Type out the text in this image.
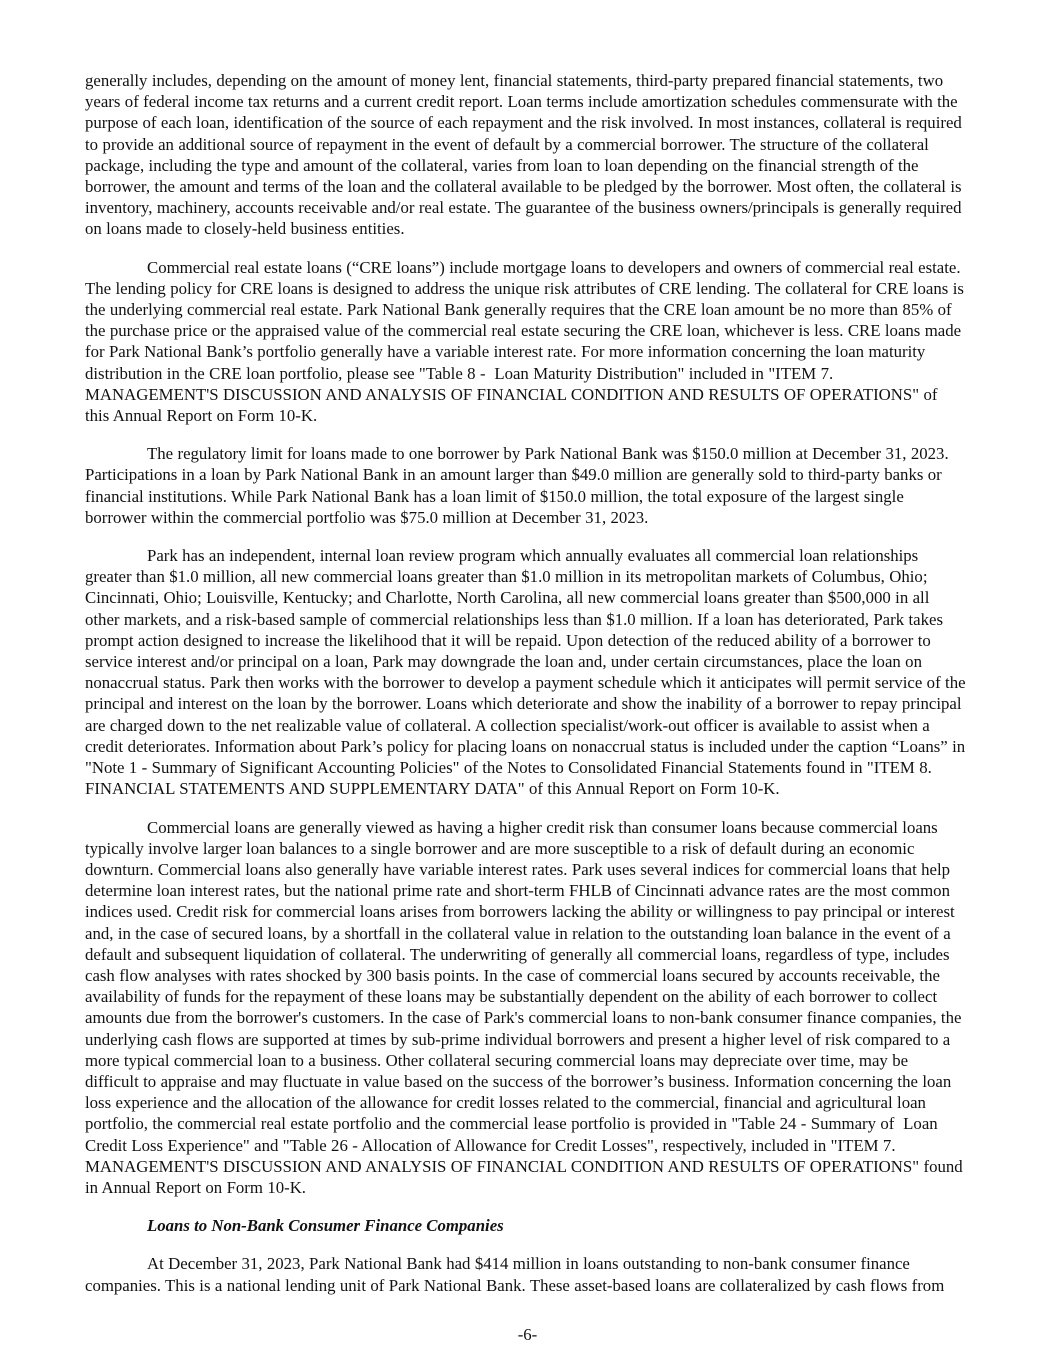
generally includes, depending on the amount of money lent, financial statements, third-party prepared financial statements, two years of federal income tax returns and a current credit report. Loan terms include amortization schedules commensurate with the purpose of each loan, identification of the source of each repayment and the risk involved. In most instances, collateral is required to provide an additional source of repayment in the event of default by a commercial borrower. The structure of the collateral package, including the type and amount of the collateral, varies from loan to loan depending on the financial strength of the borrower, the amount and terms of the loan and the collateral available to be pledged by the borrower. Most often, the collateral is inventory, machinery, accounts receivable and/or real estate. The guarantee of the business owners/principals is generally required on loans made to closely-held business entities.

Commercial real estate loans (“CRE loans”) include mortgage loans to developers and owners of commercial real estate. The lending policy for CRE loans is designed to address the unique risk attributes of CRE lending. The collateral for CRE loans is the underlying commercial real estate. Park National Bank generally requires that the CRE loan amount be no more than 85% of the purchase price or the appraised value of the commercial real estate securing the CRE loan, whichever is less. CRE loans made for Park National Bank’s portfolio generally have a variable interest rate. For more information concerning the loan maturity distribution in the CRE loan portfolio, please see "Table 8 -  Loan Maturity Distribution" included in "ITEM 7. MANAGEMENT'S DISCUSSION AND ANALYSIS OF FINANCIAL CONDITION AND RESULTS OF OPERATIONS" of this Annual Report on Form 10-K.

The regulatory limit for loans made to one borrower by Park National Bank was $150.0 million at December 31, 2023. Participations in a loan by Park National Bank in an amount larger than $49.0 million are generally sold to third-party banks or financial institutions. While Park National Bank has a loan limit of $150.0 million, the total exposure of the largest single borrower within the commercial portfolio was $75.0 million at December 31, 2023.

Park has an independent, internal loan review program which annually evaluates all commercial loan relationships greater than $1.0 million, all new commercial loans greater than $1.0 million in its metropolitan markets of Columbus, Ohio; Cincinnati, Ohio; Louisville, Kentucky; and Charlotte, North Carolina, all new commercial loans greater than $500,000 in all other markets, and a risk-based sample of commercial relationships less than $1.0 million. If a loan has deteriorated, Park takes prompt action designed to increase the likelihood that it will be repaid. Upon detection of the reduced ability of a borrower to service interest and/or principal on a loan, Park may downgrade the loan and, under certain circumstances, place the loan on nonaccrual status. Park then works with the borrower to develop a payment schedule which it anticipates will permit service of the principal and interest on the loan by the borrower. Loans which deteriorate and show the inability of a borrower to repay principal are charged down to the net realizable value of collateral. A collection specialist/work-out officer is available to assist when a credit deteriorates. Information about Park’s policy for placing loans on nonaccrual status is included under the caption “Loans” in "Note 1 - Summary of Significant Accounting Policies" of the Notes to Consolidated Financial Statements found in "ITEM 8. FINANCIAL STATEMENTS AND SUPPLEMENTARY DATA" of this Annual Report on Form 10-K.

Commercial loans are generally viewed as having a higher credit risk than consumer loans because commercial loans typically involve larger loan balances to a single borrower and are more susceptible to a risk of default during an economic downturn. Commercial loans also generally have variable interest rates. Park uses several indices for commercial loans that help determine loan interest rates, but the national prime rate and short-term FHLB of Cincinnati advance rates are the most common indices used. Credit risk for commercial loans arises from borrowers lacking the ability or willingness to pay principal or interest and, in the case of secured loans, by a shortfall in the collateral value in relation to the outstanding loan balance in the event of a default and subsequent liquidation of collateral. The underwriting of generally all commercial loans, regardless of type, includes cash flow analyses with rates shocked by 300 basis points. In the case of commercial loans secured by accounts receivable, the availability of funds for the repayment of these loans may be substantially dependent on the ability of each borrower to collect amounts due from the borrower's customers. In the case of Park's commercial loans to non-bank consumer finance companies, the underlying cash flows are supported at times by sub-prime individual borrowers and present a higher level of risk compared to a more typical commercial loan to a business. Other collateral securing commercial loans may depreciate over time, may be difficult to appraise and may fluctuate in value based on the success of the borrower’s business. Information concerning the loan loss experience and the allocation of the allowance for credit losses related to the commercial, financial and agricultural loan portfolio, the commercial real estate portfolio and the commercial lease portfolio is provided in "Table 24 - Summary of  Loan Credit Loss Experience" and "Table 26 - Allocation of Allowance for Credit Losses", respectively, included in "ITEM 7. MANAGEMENT'S DISCUSSION AND ANALYSIS OF FINANCIAL CONDITION AND RESULTS OF OPERATIONS" found in Annual Report on Form 10-K.

Loans to Non-Bank Consumer Finance Companies

At December 31, 2023, Park National Bank had $414 million in loans outstanding to non-bank consumer finance companies. This is a national lending unit of Park National Bank. These asset-based loans are collateralized by cash flows from

-6-
